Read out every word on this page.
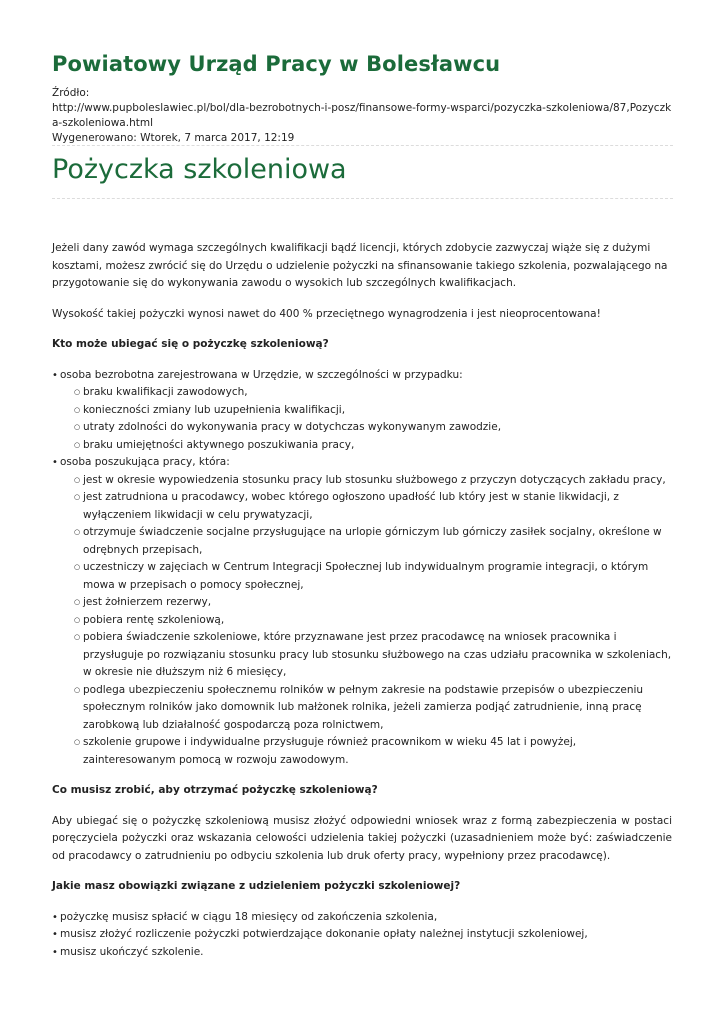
Powiatowy Urząd Pracy w Bolesławcu
Źródło:
http://www.pupboleslawiec.pl/bol/dla-bezrobotnych-i-posz/finansowe-formy-wsparci/pozyczka-szkoleniowa/87,Pozyczka-szkoleniowa.html
Wygenerowano: Wtorek, 7 marca 2017, 12:19
Pożyczka szkoleniowa

Jeżeli dany zawód wymaga szczególnych kwalifikacji bądź licencji, których zdobycie zazwyczaj wiąże się z dużymi kosztami, możesz zwrócić się do Urzędu o udzielenie pożyczki na sfinansowanie takiego szkolenia, pozwalającego na przygotowanie się do wykonywania zawodu o wysokich lub szczególnych kwalifikacjach.

Wysokość takiej pożyczki wynosi nawet do 400 % przeciętnego wynagrodzenia i jest nieoprocentowana!

Kto może ubiegać się o pożyczkę szkoleniową?
• osoba bezrobotna zarejestrowana w Urzędzie, w szczególności w przypadku:
○ braku kwalifikacji zawodowych,
○ konieczności zmiany lub uzupełnienia kwalifikacji,
○ utraty zdolności do wykonywania pracy w dotychczas wykonywanym zawodzie,
○ braku umiejętności aktywnego poszukiwania pracy,
• osoba poszukująca pracy, która:
○ jest w okresie wypowiedzenia stosunku pracy lub stosunku służbowego z przyczyn dotyczących zakładu pracy,
○ jest zatrudniona u pracodawcy, wobec którego ogłoszono upadłość lub który jest w stanie likwidacji, z wyłączeniem likwidacji w celu prywatyzacji,
○ otrzymuje świadczenie socjalne przysługujące na urlopie górniczym lub górniczy zasiłek socjalny, określone w odrębnych przepisach,
○ uczestniczy w zajęciach w Centrum Integracji Społecznej lub indywidualnym programie integracji, o którym mowa w przepisach o pomocy społecznej,
○ jest żołnierzem rezerwy,
○ pobiera rentę szkoleniową,
○ pobiera świadczenie szkoleniowe, które przyznawane jest przez pracodawcę na wniosek pracownika i przysługuje po rozwiązaniu stosunku pracy lub stosunku służbowego na czas udziału pracownika w szkoleniach, w okresie nie dłuższym niż 6 miesięcy,
○ podlega ubezpieczeniu społecznemu rolników w pełnym zakresie na podstawie przepisów o ubezpieczeniu społecznym rolników jako domownik lub małżonek rolnika, jeżeli zamierza podjąć zatrudnienie, inną pracę zarobkową lub działalność gospodarczą poza rolnictwem,
○ szkolenie grupowe i indywidualne przysługuje również pracownikom w wieku 45 lat i powyżej, zainteresowanym pomocą w rozwoju zawodowym.
Co musisz zrobić, aby otrzymać pożyczkę szkoleniową?

Aby ubiegać się o pożyczkę szkoleniową musisz złożyć odpowiedni wniosek wraz z formą zabezpieczenia w postaci poręczyciela pożyczki oraz wskazania celowości udzielenia takiej pożyczki (uzasadnieniem może być: zaświadczenie od pracodawcy o zatrudnieniu po odbyciu szkolenia lub druk oferty pracy, wypełniony przez pracodawcę).

Jakie masz obowiązki związane z udzieleniem pożyczki szkoleniowej?
• pożyczkę musisz spłacić w ciągu 18 miesięcy od zakończenia szkolenia,
• musisz złożyć rozliczenie pożyczki potwierdzające dokonanie opłaty należnej instytucji szkoleniowej,
• musisz ukończyć szkolenie.
